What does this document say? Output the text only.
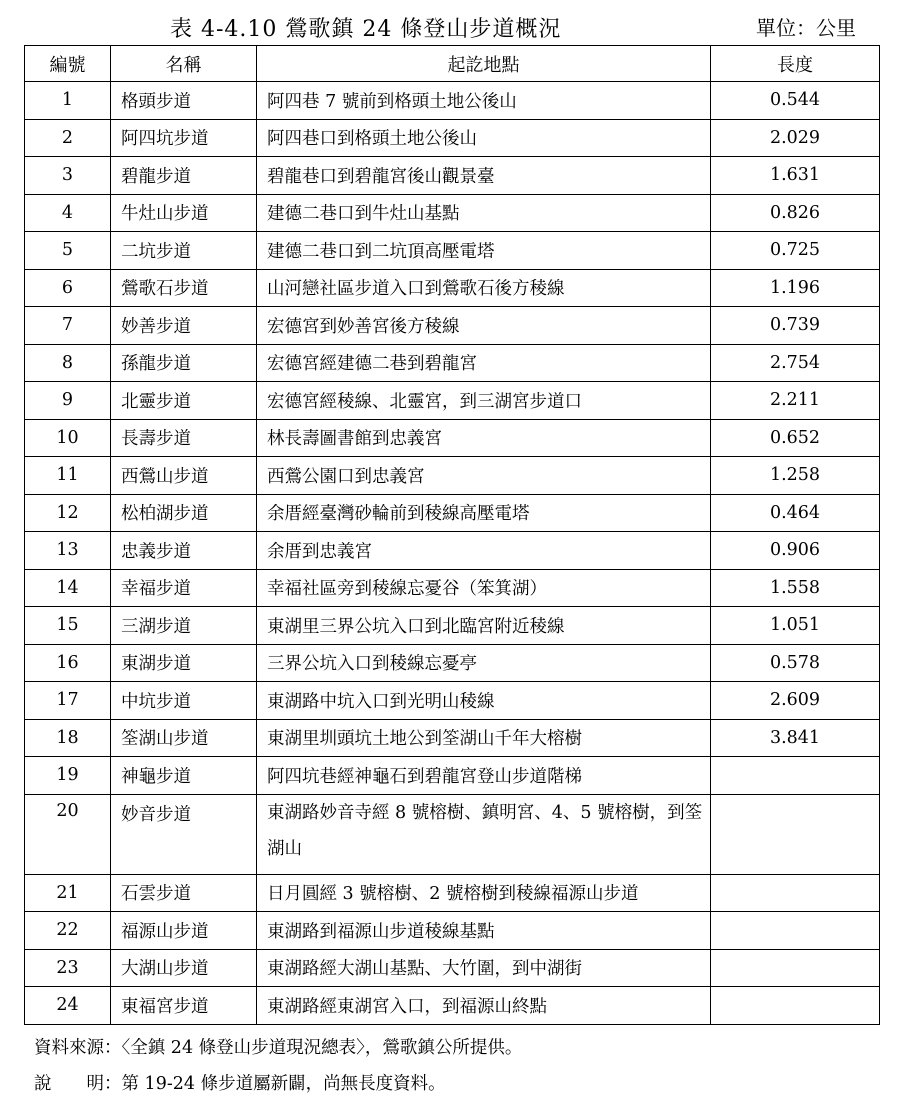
表 4-4.10 鶯歌鎮 24 條登山步道概況	單位：公里
編號	名稱	起訖地點	長度
1	格頭步道	阿四巷 7 號前到格頭土地公後山	0.544
2	阿四坑步道	阿四巷口到格頭土地公後山	2.029
3	碧龍步道	碧龍巷口到碧龍宮後山觀景臺	1.631
4	牛灶山步道	建德二巷口到牛灶山基點	0.826
5	二坑步道	建德二巷口到二坑頂高壓電塔	0.725
6	鶯歌石步道	山河戀社區步道入口到鶯歌石後方稜線	1.196
7	妙善步道	宏德宮到妙善宮後方稜線	0.739
8	孫龍步道	宏德宮經建德二巷到碧龍宮	2.754
9	北靈步道	宏德宮經稜線、北靈宮，到三湖宮步道口	2.211
10	長壽步道	林長壽圖書館到忠義宮	0.652
11	西鶯山步道	西鶯公園口到忠義宮	1.258
12	松柏湖步道	余厝經臺灣砂輪前到稜線高壓電塔	0.464
13	忠義步道	余厝到忠義宮	0.906
14	幸福步道	幸福社區旁到稜線忘憂谷（笨箕湖）	1.558
15	三湖步道	東湖里三界公坑入口到北臨宮附近稜線	1.051
16	東湖步道	三界公坑入口到稜線忘憂亭	0.578
17	中坑步道	東湖路中坑入口到光明山稜線	2.609
18	筌湖山步道	東湖里圳頭坑土地公到筌湖山千年大榕樹	3.841
19	神龜步道	阿四坑巷經神龜石到碧龍宮登山步道階梯	
20	妙音步道	東湖路妙音寺經 8 號榕樹、鎮明宮、4、5 號榕樹，到筌湖山	
21	石雲步道	日月圓經 3 號榕樹、2 號榕樹到稜線福源山步道	
22	福源山步道	東湖路到福源山步道稜線基點	
23	大湖山步道	東湖路經大湖山基點、大竹圍，到中湖街	
24	東福宮步道	東湖路經東湖宮入口，到福源山終點	
資料來源：〈全鎮 24 條登山步道現況總表〉，鶯歌鎮公所提供。
說　　明：第 19-24 條步道屬新闢，尚無長度資料。
